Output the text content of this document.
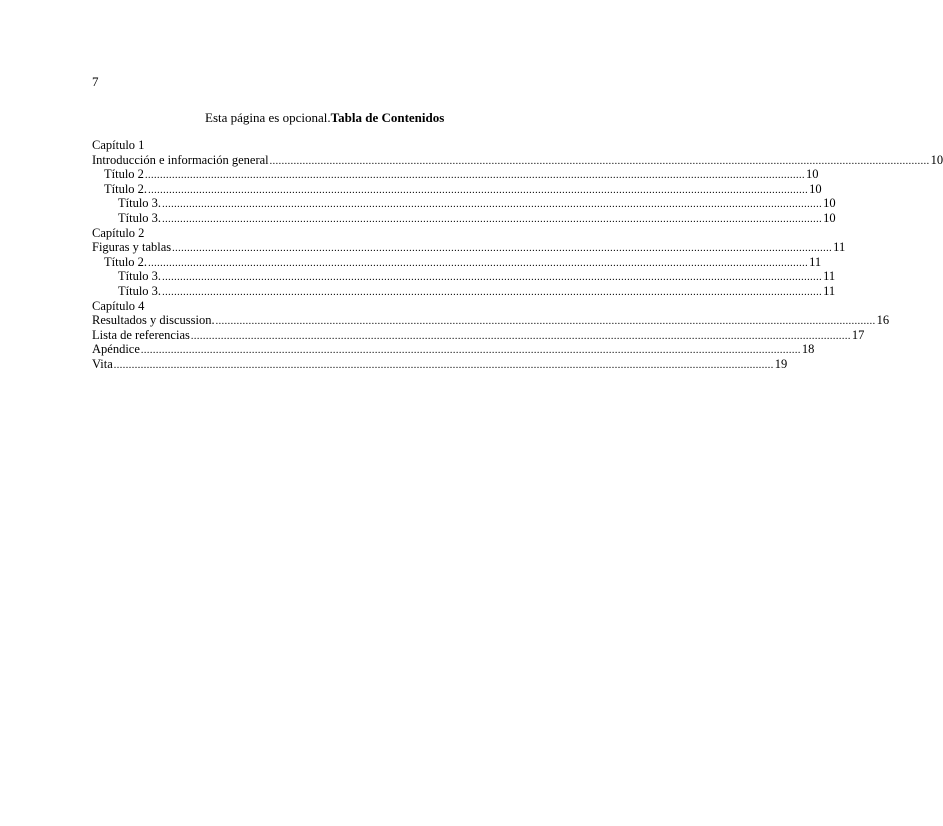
7
Esta página es opcional.Tabla de Contenidos
Capítulo 1
Introducción e información general ............................................................................................................................................................................................................................ 10
Título 2 ............................................................................................................................................................................................................................ 10
Título 2. ............................................................................................................................................................................................................................ 10
Título 3. ............................................................................................................................................................................................................................ 10
Título 3. ............................................................................................................................................................................................................................ 10
Capítulo 2
Figuras y tablas ............................................................................................................................................................................................................................ 11
Título 2. ............................................................................................................................................................................................................................ 11
Título 3. ............................................................................................................................................................................................................................ 11
Título 3. ............................................................................................................................................................................................................................ 11
Capítulo 4
Resultados y discussion. ............................................................................................................................................................................................................................ 16
Lista de referencias ............................................................................................................................................................................................................................ 17
Apéndice ............................................................................................................................................................................................................................ 18
Vita ............................................................................................................................................................................................................................ 19
